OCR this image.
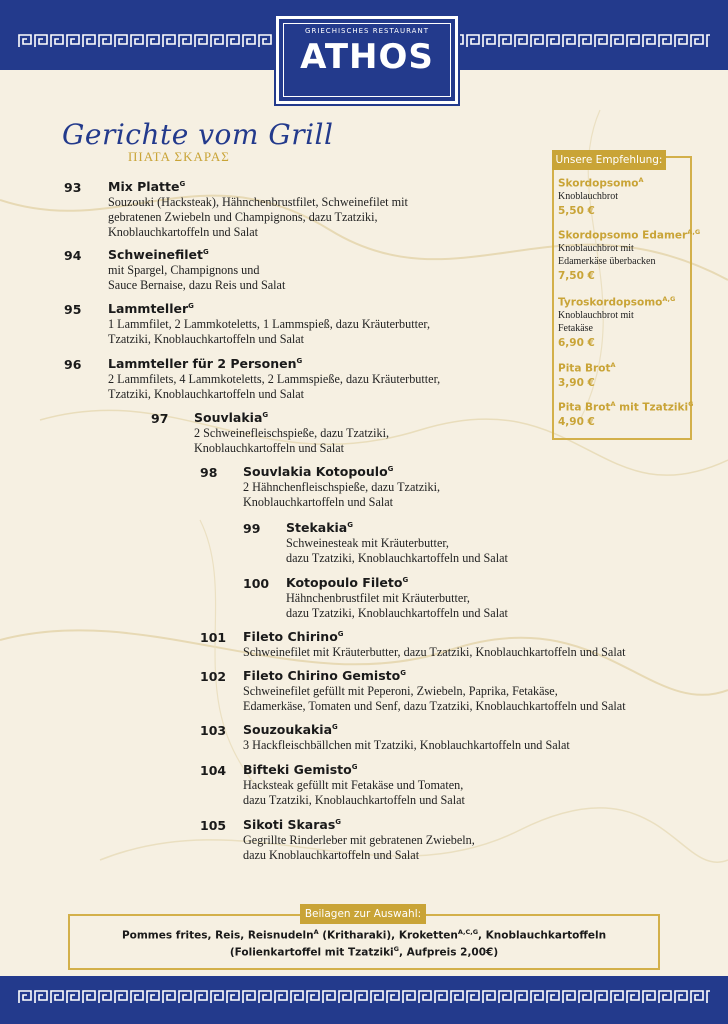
GRIECHISCHES RESTAURANT
ATHOS
Gerichte vom Grill
ΠΙΑΤΑ ΣΚΑΡΑΣ
93 Mix Platte$^G$
Souzouki (Hacksteak), Hähnchenbrustfilet, Schweinefilet mit
gebratenen Zwiebeln und Champignons, dazu Tzatziki,
Knoblauchkartoffeln und Salat
94 Schweinefilet$^G$
mit Spargel, Champignons und
Sauce Bernaise, dazu Reis und Salat
95 Lammteller$^G$
1 Lammfilet, 2 Lammkoteletts, 1 Lammspieß, dazu Kräuterbutter,
Tzatziki, Knoblauchkartoffeln und Salat
96 Lammteller für 2 Personen$^G$
2 Lammfilets, 4 Lammkoteletts, 2 Lammspieße, dazu Kräuterbutter,
Tzatziki, Knoblauchkartoffeln und Salat
97 Souvlakia$^G$
2 Schweinefleischspieße, dazu Tzatziki,
Knoblauchkartoffeln und Salat
98 Souvlakia Kotopoulo$^G$
2 Hähnchenfleischspieße, dazu Tzatziki,
Knoblauchkartoffeln und Salat
99 Stekakia$^G$
Schweinesteak mit Kräuterbutter,
dazu Tzatziki, Knoblauchkartoffeln und Salat
100 Kotopoulo Fileto$^G$
Hähnchenbrustfilet mit Kräuterbutter,
dazu Tzatziki, Knoblauchkartoffeln und Salat
101 Fileto Chirino$^G$
Schweinefilet mit Kräuterbutter, dazu Tzatziki, Knoblauchkartoffeln und Salat
102 Fileto Chirino Gemisto$^G$
Schweinefilet gefüllt mit Peperoni, Zwiebeln, Paprika, Fetakäse,
Edamerkäse, Tomaten und Senf, dazu Tzatziki, Knoblauchkartoffeln und Salat
103 Souzoukakia$^G$
3 Hackfleischbällchen mit Tzatziki, Knoblauchkartoffeln und Salat
104 Bifteki Gemisto$^G$
Hacksteak gefüllt mit Fetakäse und Tomaten,
dazu Tzatziki, Knoblauchkartoffeln und Salat
105 Sikoti Skaras$^G$
Gegrillte Rinderleber mit gebratenen Zwiebeln,
dazu Knoblauchkartoffeln und Salat
Unsere Empfehlung:
Skordopsomo$^A$
Knoblauchbrot
5,50 €
Skordopsomo Edamer$^{A,G}$
Knoblauchbrot mit
Edamerkäse überbacken
7,50 €
Tyroskordopsomo$^{A,G}$
Knoblauchbrot mit
Fetakäse
6,90 €
Pita Brot$^A$
3,90 €
Pita Brot$^A$ mit Tzatziki$^G$
4,90 €
Beilagen zur Auswahl:
Pommes frites, Reis, Reisnudeln$^A$ (Kritharaki), Kroketten$^{A,C,G}$, Knoblauchkartoffeln
(Folienkartoffel mit Tzatziki$^G$, Aufpreis 2,00€)
